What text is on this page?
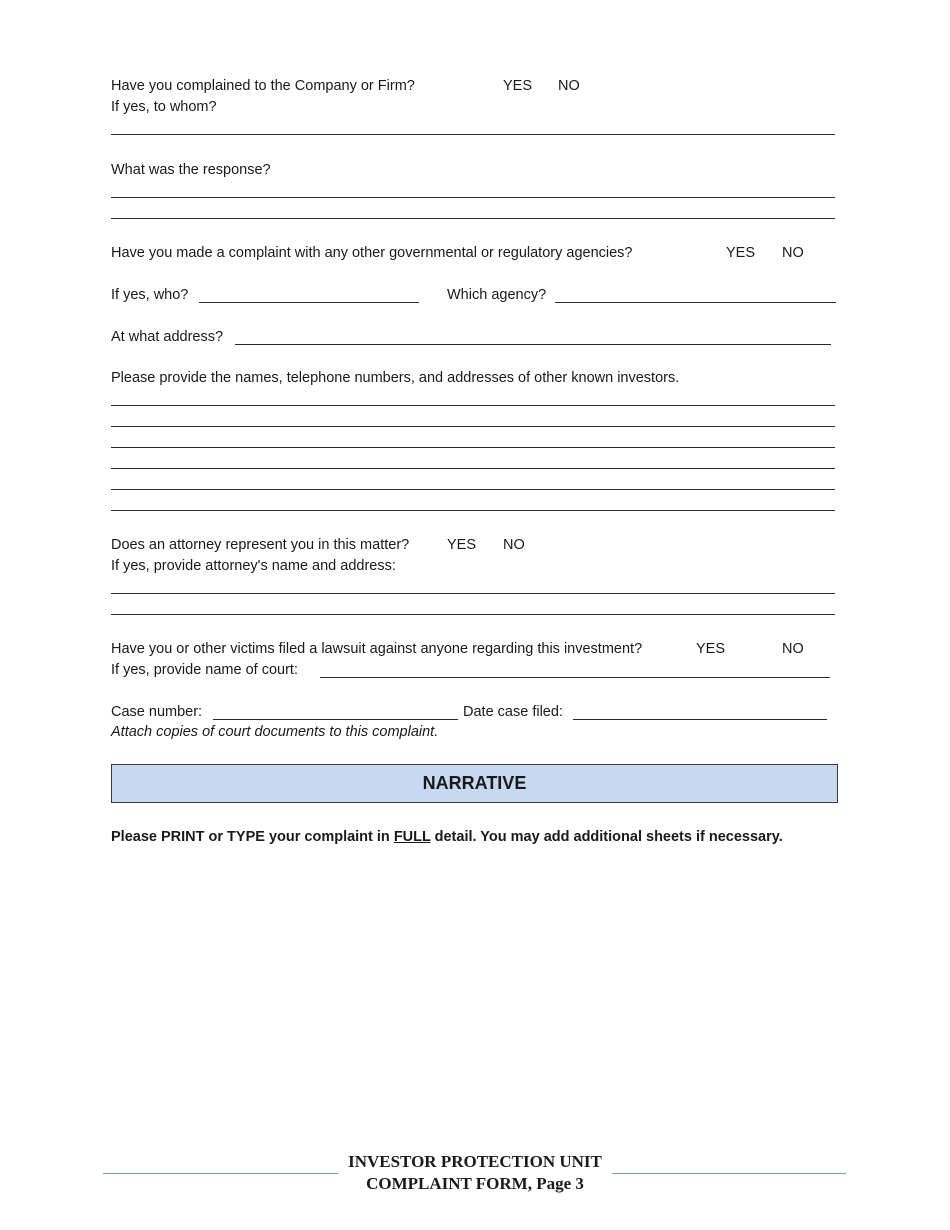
Have you complained to the Company or Firm?	YES NO
If yes, to whom?
What was the response?
Have you made a complaint with any other governmental or regulatory agencies?	YES NO
If yes, who?	Which agency?
At what address?
Please provide the names, telephone numbers, and addresses of other known investors.
Does an attorney represent you in this matter?	YES NO
If yes, provide attorney's name and address:
Have you or other victims filed a lawsuit against anyone regarding this investment?	YES	NO
If yes, provide name of court:
Case number:	Date case filed:
Attach copies of court documents to this complaint.
NARRATIVE
Please PRINT or TYPE your complaint in FULL detail. You may add additional sheets if necessary.
INVESTOR PROTECTION UNIT
COMPLAINT FORM, Page 3
